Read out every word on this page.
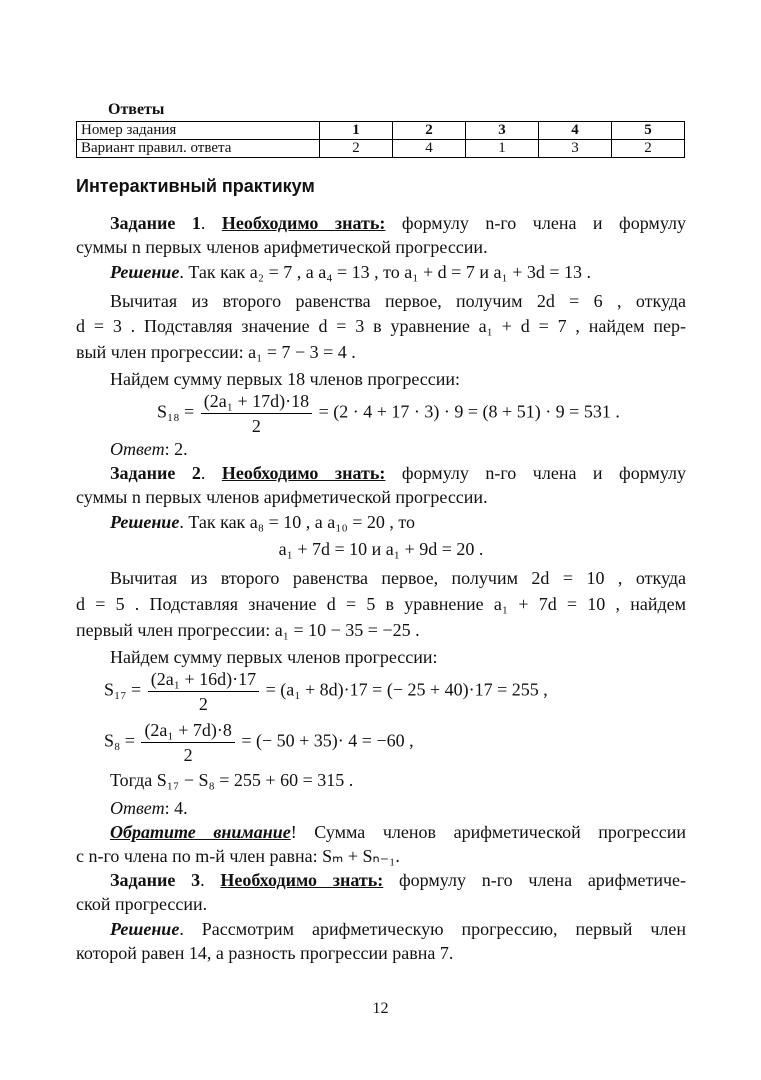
Ответы
Номер задания	1	2	3	4	5
Вариант правил. ответа	2	4	1	3	2
Интерактивный практикум
Задание 1. Необходимо знать: формулу n-го члена и формулу
суммы n первых членов арифметической прогрессии.
Решение. Так как a₂ = 7 , а a₄ = 13 , то a₁ + d = 7 и a₁ + 3d = 13 .
Вычитая из второго равенства первое, получим 2d = 6 , откуда
d = 3 . Подставляя значение d = 3 в уравнение a₁ + d = 7 , найдем пер-
вый член прогрессии: a₁ = 7 − 3 = 4 .
Найдем сумму первых 18 членов прогрессии:
$S_{18} = \frac{\text{(2a₁ + 17d)·18}}{2} = (2 \cdot 4 + 17 \cdot 3) \cdot 9 = (8 + 51) \cdot 9 = 531$ .
Ответ: 2.
Задание 2. Необходимо знать: формулу n-го члена и формулу
суммы n первых членов арифметической прогрессии.
Решение. Так как a₈ = 10 , а a₁₀ = 20 , то
a₁ + 7d = 10 и a₁ + 9d = 20 .
Вычитая из второго равенства первое, получим 2d = 10 , откуда
d = 5 . Подставляя значение d = 5 в уравнение a₁ + 7d = 10 , найдем
первый член прогрессии: a₁ = 10 − 35 = −25 .
Найдем сумму первых членов прогрессии:
$S_{17} = \frac{\text{(2a₁ + 16d)·17}}{2} = (a_1 + 8d)\cdot 17$ = (− 25 + 40)·17 = 255 ,
$S_8 = \frac{\text{(2a₁ + 7d)·8}}{2}$ = (− 50 + 35)· 4 = −60 ,
Тогда S₁₇ − S₈ = 255 + 60 = 315 .
Ответ: 4.
Обратите внимание! Сумма членов арифметической прогрессии
с n-го члена по m-й член равна: Sₘ + Sₙ₋₁.
Задание 3. Необходимо знать: формулу n-го члена арифметиче-
ской прогрессии.
Решение. Рассмотрим арифметическую прогрессию, первый член
которой равен 14, а разность прогрессии равна 7.
12
